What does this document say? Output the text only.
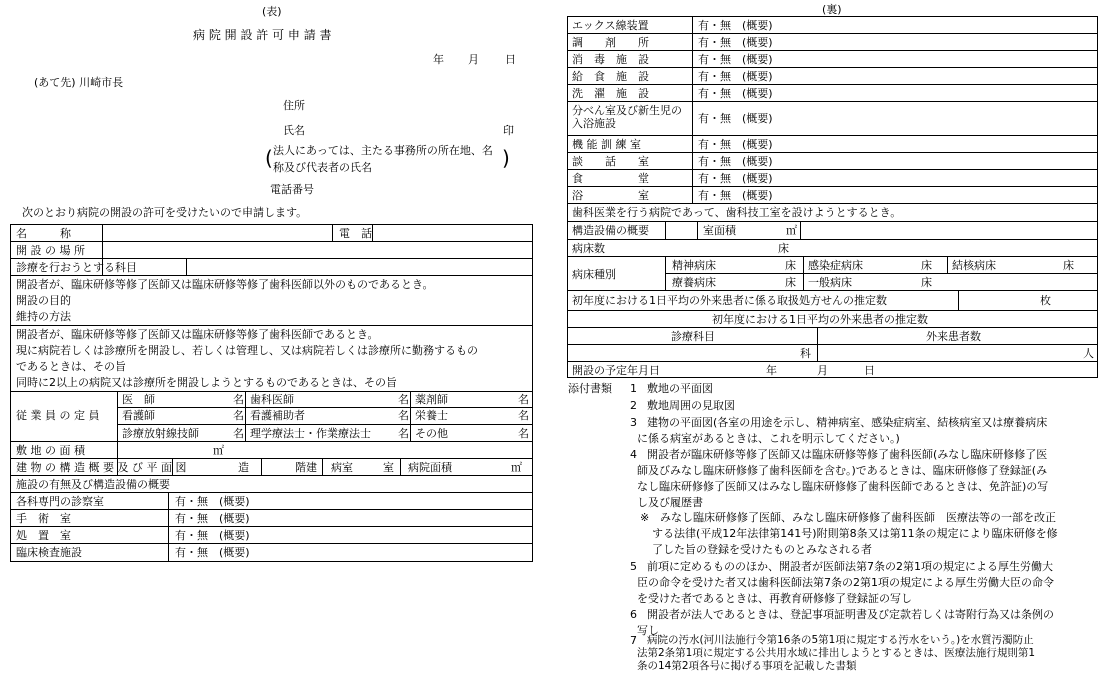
(表)
病 院 開 設 許 可 申 請 書
年 月 日
(あて先) 川崎市長
住所
氏名	印
(	)
法人にあっては、主たる事務所の所在地、名
称及び代表者の氏名
電話番号
次のとおり病院の開設の許可を受けたいので申請します。
名　　　称	電　話
開 設 の 場 所
診療を行おうとする科目
開設者が、臨床研修等修了医師又は臨床研修等修了歯科医師以外のものであるとき。
開設の目的
維持の方法
開設者が、臨床研修等修了医師又は臨床研修等修了歯科医師であるとき。
現に病院若しくは診療所を開設し、若しくは管理し、又は病院若しくは診療所に勤務するもの
であるときは、その旨
同時に2以上の病院又は診療所を開設しようとするものであるときは、その旨
従 業 員 の 定 員
医　師	名 歯科医師	名 薬剤師	名
看護師	名 看護補助者	名 栄養士	名
診療放射線技師	名 理学療法士・作業療法士 名 その他	名
敷 地 の 面 積	㎡
建 物 の 構 造 概 要 及 び 平 面 図	造	階建 病室	室 病院面積	㎡
施設の有無及び構造設備の概要
各科専門の診察室	有・無　(概要)
手　術　室	有・無　(概要)
処　置　室	有・無　(概要)
臨床検査施設	有・無　(概要)
(裏)
エックス線装置	有・無　(概要)
調　　剤　　所	有・無　(概要)
消　毒　施　設	有・無　(概要)
給　食　施　設	有・無　(概要)
洗　濯　施　設	有・無　(概要)
分べん室及び新生児の入浴施設	有・無　(概要)
機 能 訓 練 室	有・無　(概要)
談　　話　　室	有・無　(概要)
食　　　　　堂	有・無　(概要)
浴　　　　　室	有・無　(概要)
歯科医業を行う病院であって、歯科技工室を設けようとするとき。
構造設備の概要	室面積	㎡
病床数	床
病床種別
精神病床	床 感染症病床	床 結核病床	床
療養病床	床 一般病床	床
初年度における1日平均の外来患者に係る取扱処方せんの推定数	枚
初年度における1日平均の外来患者の推定数
診療科目	外来患者数
科	人
開設の予定年月日	年	月	日
添付書類 1 敷地の平面図
2 敷地周囲の見取図
3 建物の平面図(各室の用途を示し、精神病室、感染症病室、結核病室又は療養病床
に係る病室があるときは、これを明示してください。)
4 開設者が臨床研修等修了医師又は臨床研修等修了歯科医師(みなし臨床研修修了医
師及びみなし臨床研修修了歯科医師を含む。)であるときは、臨床研修修了登録証(み
なし臨床研修修了医師又はみなし臨床研修修了歯科医師であるときは、免許証)の写
し及び履歴書
※ みなし臨床研修修了医師、みなし臨床研修修了歯科医師　医療法等の一部を改正
する法律(平成12年法律第141号)附則第8条又は第11条の規定により臨床研修を修
了した旨の登録を受けたものとみなされる者
5 前項に定めるもののほか、開設者が医師法第7条の2第1項の規定による厚生労働大
臣の命令を受けた者又は歯科医師法第7条の2第1項の規定による厚生労働大臣の命令
を受けた者であるときは、再教育研修修了登録証の写し
6 開設者が法人であるときは、登記事項証明書及び定款若しくは寄附行為又は条例の
写し
7 病院の汚水(河川法施行令第16条の5第1項に規定する汚水をいう。)を水質汚濁防止
法第2条第1項に規定する公共用水域に排出しようとするときは、医療法施行規則第1
条の14第2項各号に掲げる事項を記載した書類
